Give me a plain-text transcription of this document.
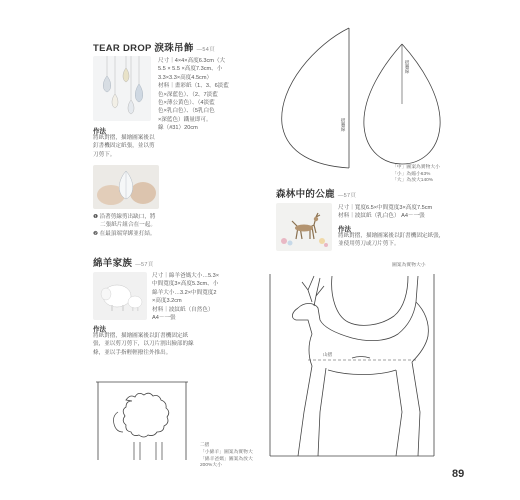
TEAR DROP 淚珠吊飾 —54頁
尺寸｜4×4×高度6.3cm（大
5.5 × 5.5 ×高度7.3cm、小
3.3×3.3×高度4.5cm）
材料｜畫彩紙（1、3、6淡藍
色×深藍色）、（2、7淡藍
色×薄公黃色）、（4淡藍
色×乳白色）、（5乳白色
×深藍色）鐵量即可。
線（#31）20cm
作法
將紙對摺，描繪圖案後以
釘書機固定紙張，並以剪
刀剪下。
❶ 沿著剪線剪出缺口，將
二張紙片組合在一起。
❷ 在最頂端穿綁並打結。
摺疊線
摺疊線
「中」圖案為實物大小
「小」為縮小63%
「大」為放大140%
綿羊家族 —57頁
尺寸｜綿羊爸媽大小…5.3×
中間寬度3×高度5.3cm、小
綿羊大小…3.2×中間寬度2
×高度3.2cm
材料｜波紋紙（自然色）
A4－一張
作法
將紙對摺，描繪圖案後以釘書機固定紙
張，並以剪刀剪下，以刀片割出臉部的線
條，並以手指輕輕撥往外推出。
二摺
「小綿羊」圖案為實物大
「綿羊爸媽」圖案為放大
200%大小
森林中的公鹿 —57頁
尺寸｜寬度6.5×中間寬度3×高度7.5cm
材料｜波紋紙（乳白色） A4－一張
作法
將紙對摺，描繪圖案後以釘書機固定紙張，
並使用剪刀或刀片剪下。
圖案為實物大小
山摺
89
